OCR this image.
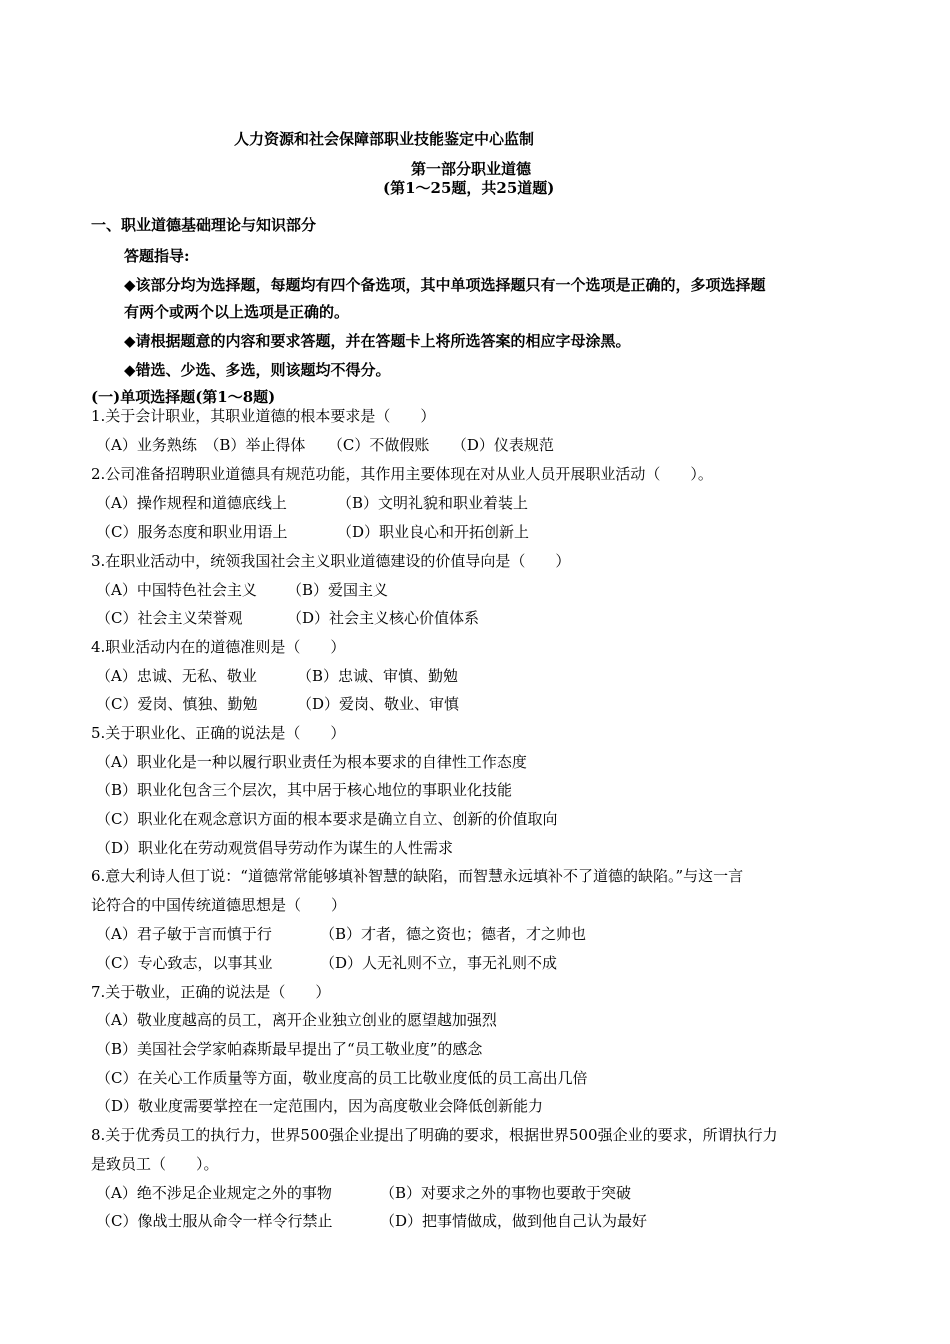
人力资源和社会保障部职业技能鉴定中心监制
第一部分职业道德
(第1～25题，共25道题)
一、职业道德基础理论与知识部分
答题指导:
◆该部分均为选择题，每题均有四个备选项，其中单项选择题只有一个选项是正确的，多项选择题
有两个或两个以上选项是正确的。
◆请根据题意的内容和要求答题，并在答题卡上将所选答案的相应字母涂黑。
◆错选、少选、多选，则该题均不得分。
(一)单项选择题(第1～8题)
1.关于会计职业，其职业道德的根本要求是（　　）
（A）业务熟练　（B）举止得体　　（C）不做假账　　（D）仪表规范
2.公司准备招聘职业道德具有规范功能，其作用主要体现在对从业人员开展职业活动（　　）。
（A）操作规程和道德底线上	（B）文明礼貌和职业着装上
（C）服务态度和职业用语上	（D）职业良心和开拓创新上
3.在职业活动中，统领我国社会主义职业道德建设的价值导向是（　　）
（A）中国特色社会主义 （B）爱国主义
（C）社会主义荣誉观	（D）社会主义核心价值体系
4.职业活动内在的道德准则是（　　）
（A）忠诚、无私、敬业	（B）忠诚、审慎、勤勉
（C）爱岗、慎独、勤勉	（D）爱岗、敬业、审慎
5.关于职业化、正确的说法是（　　）
（A）职业化是一种以履行职业责任为根本要求的自律性工作态度
（B）职业化包含三个层次，其中居于核心地位的事职业化技能
（C）职业化在观念意识方面的根本要求是确立自立、创新的价值取向
（D）职业化在劳动观赏倡导劳动作为谋生的人性需求
6.意大利诗人但丁说：“道德常常能够填补智慧的缺陷，而智慧永远填补不了道德的缺陷。”与这一言
论符合的中国传统道德思想是（　　）
（A）君子敏于言而慎于行	（B）才者，德之资也；德者，才之帅也
（C）专心致志，以事其业	（D）人无礼则不立，事无礼则不成
7.关于敬业，正确的说法是（　　）
（A）敬业度越高的员工，离开企业独立创业的愿望越加强烈
（B）美国社会学家帕森斯最早提出了“员工敬业度”的感念
（C）在关心工作质量等方面，敬业度高的员工比敬业度低的员工高出几倍
（D）敬业度需要掌控在一定范围内，因为高度敬业会降低创新能力
8.关于优秀员工的执行力，世界500强企业提出了明确的要求，根据世界500强企业的要求，所谓执行力
是致员工（　　）。
（A）绝不涉足企业规定之外的事物	（B）对要求之外的事物也要敢于突破
（C）像战士服从命令一样令行禁止	（D）把事情做成，做到他自己认为最好
